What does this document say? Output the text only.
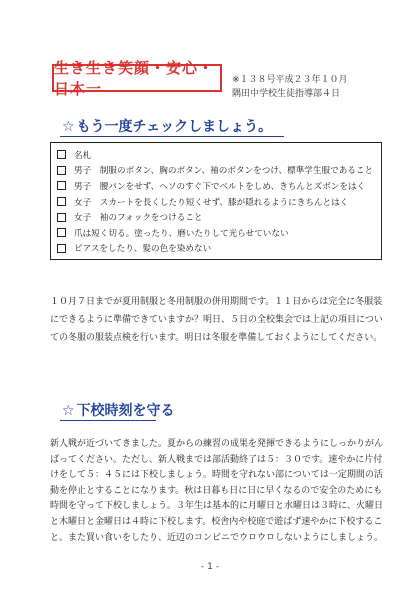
生き生き笑顔・安心・日本一	※１３８号平成２３年１０月
隅田中学校生徒指導部４日
☆ もう一度チェックしましょう。
名札
男子　制服のボタン、胸のボタン、袖のボタンをつけ、標準学生服であること
男子　腰パンをせず、へソのすぐ下でベルトをしめ、きちんとズボンをはく
女子　スカートを長くしたり短くせず、膝が隠れるようにきちんとはく
女子　袖のフォックをつけること
爪は短く切る。塗ったり、磨いたりして光らせていない
ピアスをしたり、髪の色を染めない
１０月７日までが夏用制服と冬用制服の併用期間です。１１日からは完全に冬服装にできるように準備できていますか？明日、５日の全校集会では上記の項目についての冬服の服装点検を行います。明日は冬服を準備しておくようにしてください。
☆ 下校時刻を守る
新人戦が近づいてきました。夏からの練習の成果を発揮できるようにしっかりがんばってください。ただし、新人戦までは部活動終了は５：３０です。速やかに片付けをして５：４５には下校しましょう。時間を守れない部については一定期間の活動を停止とすることになります。秋は日暮も日に日に早くなるので安全のためにも時間を守って下校しましょう。３年生は基本的に月曜日と水曜日は３時に、火曜日と木曜日と金曜日は４時に下校します。校舎内や校庭で遊ばず速やかに下校すること。また買い食いをしたり、近辺のコンビニでウロウロしないようにしましょう。
- 1 -
